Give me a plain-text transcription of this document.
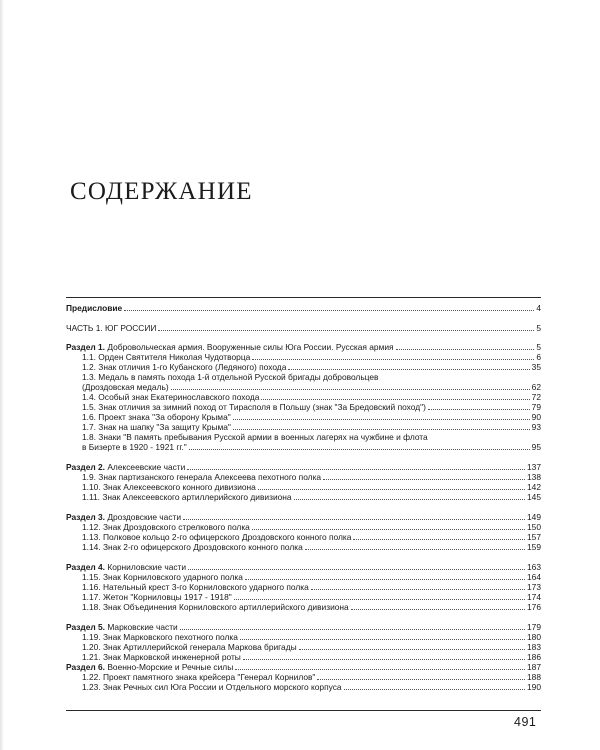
СОДЕРЖАНИЕ
Предисловие	4
ЧАСТЬ 1. ЮГ РОССИИ	5
Раздел 1. Добровольческая армия. Вооруженные силы Юга России. Русская армия	5
1.1. Орден Святителя Николая Чудотворца	6
1.2. Знак отличия 1-го Кубанского (Ледяного) похода	35
1.3. Медаль в память похода 1-й отдельной Русской бригады добровольцев
(Дроздовская медаль)	62
1.4. Особый знак Екатеринославского похода	72
1.5. Знак отличия за зимний поход от Тирасполя в Польшу (знак "За Бредовский поход")	79
1.6. Проект знака "За оборону Крыма"	90
1.7. Знак на шапку "За защиту Крыма"	93
1.8. Знаки "В память пребывания Русской армии в военных лагерях на чужбине и флота
в Бизерте в 1920 - 1921 гг."	95
Раздел 2. Алексеевские части	137
1.9. Знак партизанского генерала Алексеева пехотного полка	138
1.10. Знак Алексеевского конного дивизиона	142
1.11. Знак Алексеевского артиллерийского дивизиона	145
Раздел 3. Дроздовские части	149
1.12. Знак Дроздовского стрелкового полка	150
1.13. Полковое кольцо 2-го офицерского Дроздовского конного полка	157
1.14. Знак 2-го офицерского Дроздовского конного полка	159
Раздел 4. Корниловские части	163
1.15. Знак Корниловского ударного полка	164
1.16. Нательный крест 3-го Корниловского ударного полка	173
1.17. Жетон "Корниловцы 1917 - 1918"	174
1.18. Знак Объединения Корниловского артиллерийского дивизиона	176
Раздел 5. Марковские части	179
1.19. Знак Марковского пехотного полка	180
1.20. Знак Артиллерийской генерала Маркова бригады	183
1.21. Знак Марковской инженерной роты	186
Раздел 6. Военно-Морские и Речные силы	187
1.22. Проект памятного знака крейсера "Генерал Корнилов"	188
1.23. Знак Речных сил Юга России и Отдельного морского корпуса	190
491
